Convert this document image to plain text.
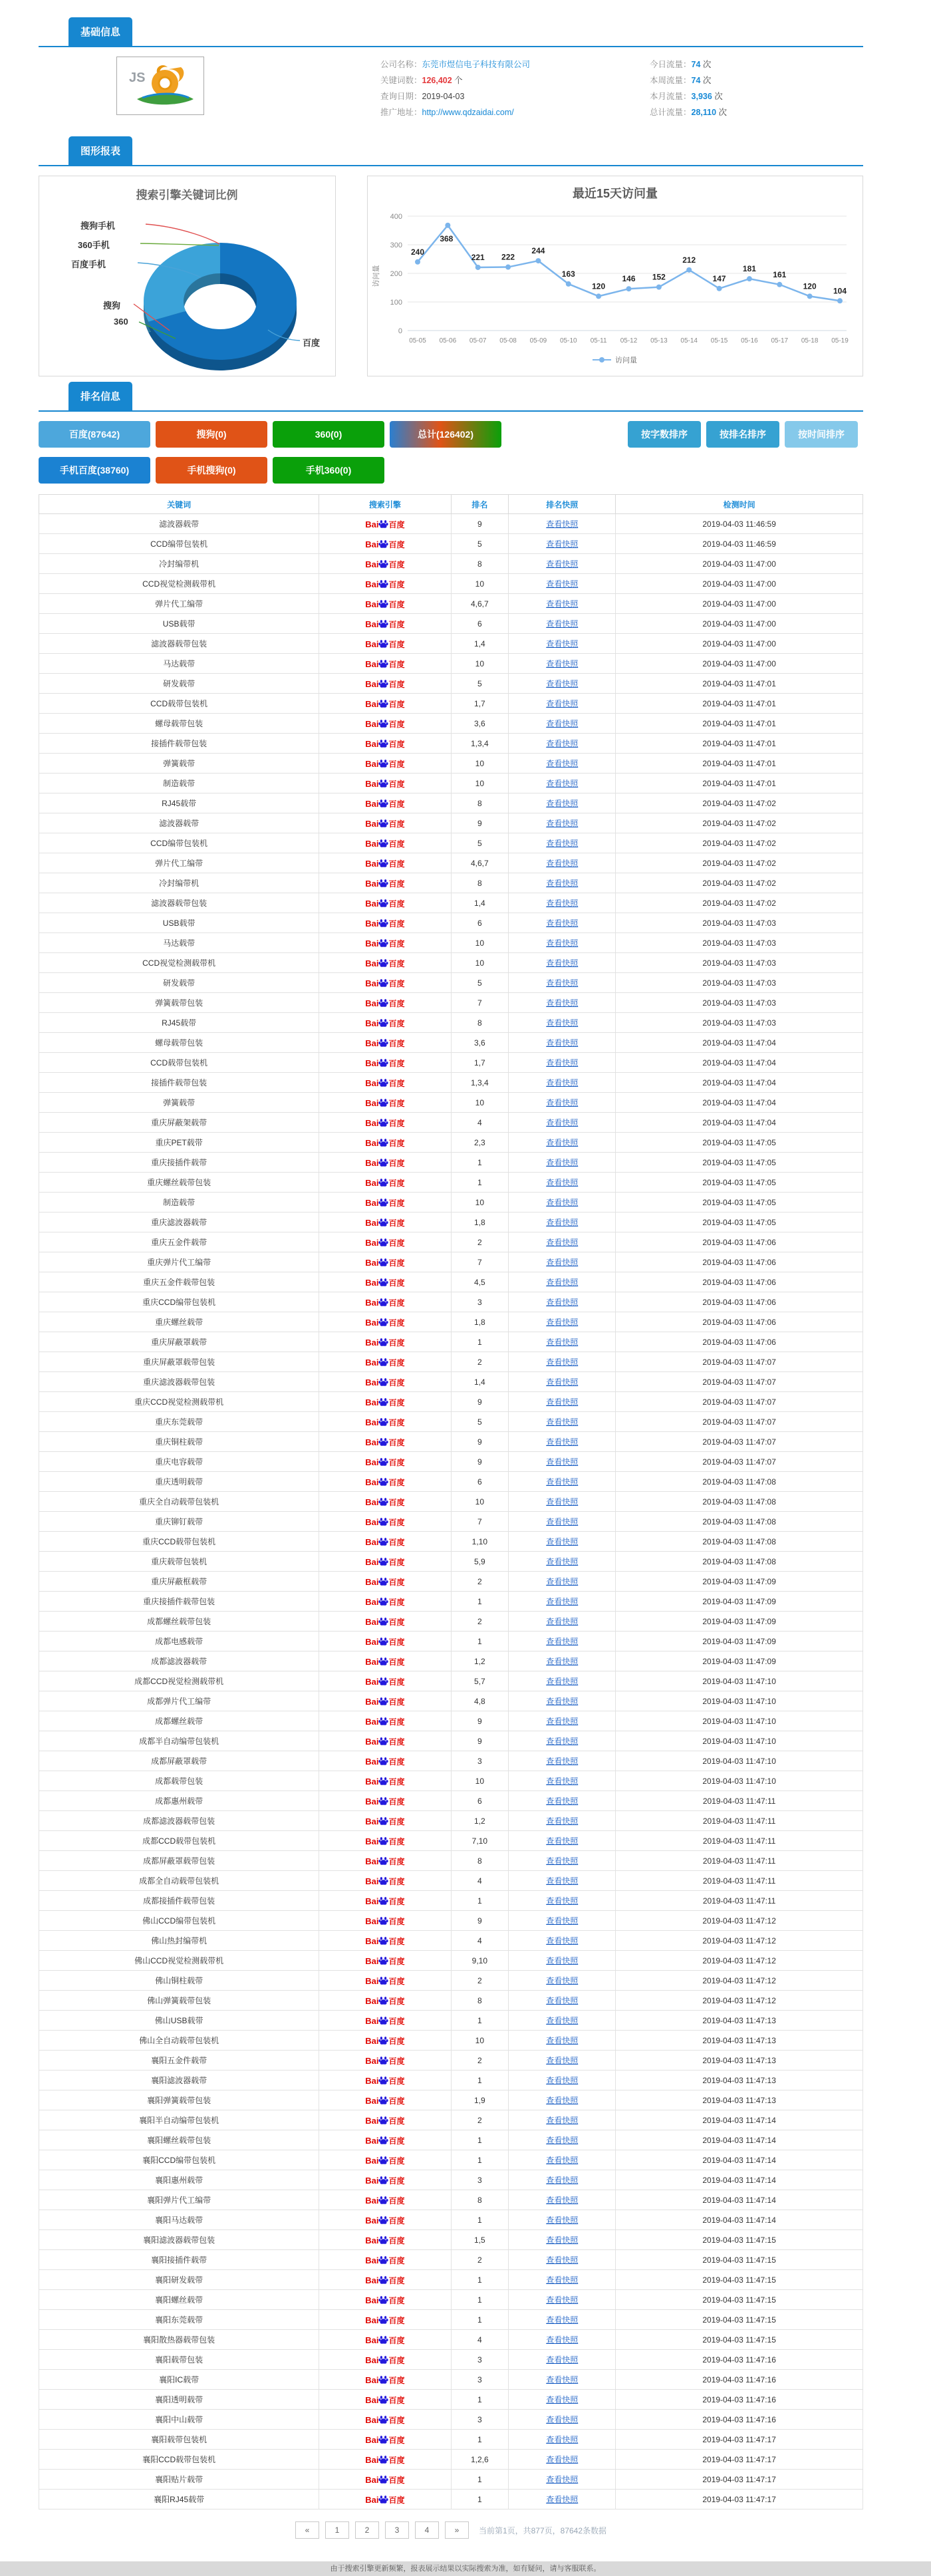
基础信息
JS
公司名称：东莞市煜信电子科技有限公司
关键词数：126,402 个
查询日期：2019-04-03
推广地址：http://www.qdzaidai.com/
今日流量：74 次
本周流量：74 次
本月流量：3,936 次
总计流量：28,110 次
图形报表
搜索引擎关键词比例
搜狗手机
360手机
百度手机
搜狗
360
百度
最近15天访问量
0
100
200
300
400
访问量
240
05-05
368
05-06
221
05-07
222
05-08
244
05-09
163
05-10
120
05-11
146
05-12
152
05-13
212
05-14
147
05-15
181
05-16
161
05-17
120
05-18
104
05-19
访问量
排名信息
百度(87642)	搜狗(0)	360(0)	总计(126402)	按字数排序	按排名排序	按时间排序
手机百度(38760)	手机搜狗(0)	手机360(0)
关键词	搜索引擎	排名	排名快照	检测时间
滤波器载带	Bai 百度	9	查看快照	2019-04-03 11:46:59
CCD编带包装机	Bai 百度	5	查看快照	2019-04-03 11:46:59
冷封编带机	Bai 百度	8	查看快照	2019-04-03 11:47:00
CCD视觉检测载带机	Bai 百度	10	查看快照	2019-04-03 11:47:00
弹片代工编带	Bai 百度	4,6,7	查看快照	2019-04-03 11:47:00
USB载带	Bai 百度	6	查看快照	2019-04-03 11:47:00
滤波器载带包装	Bai 百度	1,4	查看快照	2019-04-03 11:47:00
马达载带	Bai 百度	10	查看快照	2019-04-03 11:47:00
研发载带	Bai 百度	5	查看快照	2019-04-03 11:47:01
CCD载带包装机	Bai 百度	1,7	查看快照	2019-04-03 11:47:01
螺母载带包装	Bai 百度	3,6	查看快照	2019-04-03 11:47:01
接插件载带包装	Bai 百度	1,3,4	查看快照	2019-04-03 11:47:01
弹簧载带	Bai 百度	10	查看快照	2019-04-03 11:47:01
制造载带	Bai 百度	10	查看快照	2019-04-03 11:47:01
RJ45载带	Bai 百度	8	查看快照	2019-04-03 11:47:02
滤波器载带	Bai 百度	9	查看快照	2019-04-03 11:47:02
CCD编带包装机	Bai 百度	5	查看快照	2019-04-03 11:47:02
弹片代工编带	Bai 百度	4,6,7	查看快照	2019-04-03 11:47:02
冷封编带机	Bai 百度	8	查看快照	2019-04-03 11:47:02
滤波器载带包装	Bai 百度	1,4	查看快照	2019-04-03 11:47:02
USB载带	Bai 百度	6	查看快照	2019-04-03 11:47:03
马达载带	Bai 百度	10	查看快照	2019-04-03 11:47:03
CCD视觉检测载带机	Bai 百度	10	查看快照	2019-04-03 11:47:03
研发载带	Bai 百度	5	查看快照	2019-04-03 11:47:03
弹簧载带包装	Bai 百度	7	查看快照	2019-04-03 11:47:03
RJ45载带	Bai 百度	8	查看快照	2019-04-03 11:47:03
螺母载带包装	Bai 百度	3,6	查看快照	2019-04-03 11:47:04
CCD载带包装机	Bai 百度	1,7	查看快照	2019-04-03 11:47:04
接插件载带包装	Bai 百度	1,3,4	查看快照	2019-04-03 11:47:04
弹簧载带	Bai 百度	10	查看快照	2019-04-03 11:47:04
重庆屏蔽架载带	Bai 百度	4	查看快照	2019-04-03 11:47:04
重庆PET载带	Bai 百度	2,3	查看快照	2019-04-03 11:47:05
重庆接插件载带	Bai 百度	1	查看快照	2019-04-03 11:47:05
重庆螺丝载带包装	Bai 百度	1	查看快照	2019-04-03 11:47:05
制造载带	Bai 百度	10	查看快照	2019-04-03 11:47:05
重庆滤波器载带	Bai 百度	1,8	查看快照	2019-04-03 11:47:05
重庆五金件载带	Bai 百度	2	查看快照	2019-04-03 11:47:06
重庆弹片代工编带	Bai 百度	7	查看快照	2019-04-03 11:47:06
重庆五金件载带包装	Bai 百度	4,5	查看快照	2019-04-03 11:47:06
重庆CCD编带包装机	Bai 百度	3	查看快照	2019-04-03 11:47:06
重庆螺丝载带	Bai 百度	1,8	查看快照	2019-04-03 11:47:06
重庆屏蔽罩载带	Bai 百度	1	查看快照	2019-04-03 11:47:06
重庆屏蔽罩载带包装	Bai 百度	2	查看快照	2019-04-03 11:47:07
重庆滤波器载带包装	Bai 百度	1,4	查看快照	2019-04-03 11:47:07
重庆CCD视觉检测载带机	Bai 百度	9	查看快照	2019-04-03 11:47:07
重庆东莞载带	Bai 百度	5	查看快照	2019-04-03 11:47:07
重庆铜柱载带	Bai 百度	9	查看快照	2019-04-03 11:47:07
重庆电容载带	Bai 百度	9	查看快照	2019-04-03 11:47:07
重庆透明载带	Bai 百度	6	查看快照	2019-04-03 11:47:08
重庆全自动载带包装机	Bai 百度	10	查看快照	2019-04-03 11:47:08
重庆铆钉载带	Bai 百度	7	查看快照	2019-04-03 11:47:08
重庆CCD载带包装机	Bai 百度	1,10	查看快照	2019-04-03 11:47:08
重庆载带包装机	Bai 百度	5,9	查看快照	2019-04-03 11:47:08
重庆屏蔽框载带	Bai 百度	2	查看快照	2019-04-03 11:47:09
重庆接插件载带包装	Bai 百度	1	查看快照	2019-04-03 11:47:09
成都螺丝载带包装	Bai 百度	2	查看快照	2019-04-03 11:47:09
成都电感载带	Bai 百度	1	查看快照	2019-04-03 11:47:09
成都滤波器载带	Bai 百度	1,2	查看快照	2019-04-03 11:47:09
成都CCD视觉检测载带机	Bai 百度	5,7	查看快照	2019-04-03 11:47:10
成都弹片代工编带	Bai 百度	4,8	查看快照	2019-04-03 11:47:10
成都螺丝载带	Bai 百度	9	查看快照	2019-04-03 11:47:10
成都半自动编带包装机	Bai 百度	9	查看快照	2019-04-03 11:47:10
成都屏蔽罩载带	Bai 百度	3	查看快照	2019-04-03 11:47:10
成都载带包装	Bai 百度	10	查看快照	2019-04-03 11:47:10
成都惠州载带	Bai 百度	6	查看快照	2019-04-03 11:47:11
成都滤波器载带包装	Bai 百度	1,2	查看快照	2019-04-03 11:47:11
成都CCD载带包装机	Bai 百度	7,10	查看快照	2019-04-03 11:47:11
成都屏蔽罩载带包装	Bai 百度	8	查看快照	2019-04-03 11:47:11
成都全自动载带包装机	Bai 百度	4	查看快照	2019-04-03 11:47:11
成都接插件载带包装	Bai 百度	1	查看快照	2019-04-03 11:47:11
佛山CCD编带包装机	Bai 百度	9	查看快照	2019-04-03 11:47:12
佛山热封编带机	Bai 百度	4	查看快照	2019-04-03 11:47:12
佛山CCD视觉检测载带机	Bai 百度	9,10	查看快照	2019-04-03 11:47:12
佛山铜柱载带	Bai 百度	2	查看快照	2019-04-03 11:47:12
佛山弹簧载带包装	Bai 百度	8	查看快照	2019-04-03 11:47:12
佛山USB载带	Bai 百度	1	查看快照	2019-04-03 11:47:13
佛山全自动载带包装机	Bai 百度	10	查看快照	2019-04-03 11:47:13
襄阳五金件载带	Bai 百度	2	查看快照	2019-04-03 11:47:13
襄阳滤波器载带	Bai 百度	1	查看快照	2019-04-03 11:47:13
襄阳弹簧载带包装	Bai 百度	1,9	查看快照	2019-04-03 11:47:13
襄阳半自动编带包装机	Bai 百度	2	查看快照	2019-04-03 11:47:14
襄阳螺丝载带包装	Bai 百度	1	查看快照	2019-04-03 11:47:14
襄阳CCD编带包装机	Bai 百度	1	查看快照	2019-04-03 11:47:14
襄阳惠州载带	Bai 百度	3	查看快照	2019-04-03 11:47:14
襄阳弹片代工编带	Bai 百度	8	查看快照	2019-04-03 11:47:14
襄阳马达载带	Bai 百度	1	查看快照	2019-04-03 11:47:14
襄阳滤波器载带包装	Bai 百度	1,5	查看快照	2019-04-03 11:47:15
襄阳接插件载带	Bai 百度	2	查看快照	2019-04-03 11:47:15
襄阳研发载带	Bai 百度	1	查看快照	2019-04-03 11:47:15
襄阳螺丝载带	Bai 百度	1	查看快照	2019-04-03 11:47:15
襄阳东莞载带	Bai 百度	1	查看快照	2019-04-03 11:47:15
襄阳散热器载带包装	Bai 百度	4	查看快照	2019-04-03 11:47:15
襄阳载带包装	Bai 百度	3	查看快照	2019-04-03 11:47:16
襄阳IC载带	Bai 百度	3	查看快照	2019-04-03 11:47:16
襄阳透明载带	Bai 百度	1	查看快照	2019-04-03 11:47:16
襄阳中山载带	Bai 百度	3	查看快照	2019-04-03 11:47:16
襄阳载带包装机	Bai 百度	1	查看快照	2019-04-03 11:47:17
襄阳CCD载带包装机	Bai 百度	1,2,6	查看快照	2019-04-03 11:47:17
襄阳贴片载带	Bai 百度	1	查看快照	2019-04-03 11:47:17
襄阳RJ45载带	Bai 百度	1	查看快照	2019-04-03 11:47:17
«	1	2	3	4	»	当前第1页，共877页，87642条数据
由于搜索引擎更新频繁，报表展示结果以实际搜索为准，如有疑问，请与客服联系。
